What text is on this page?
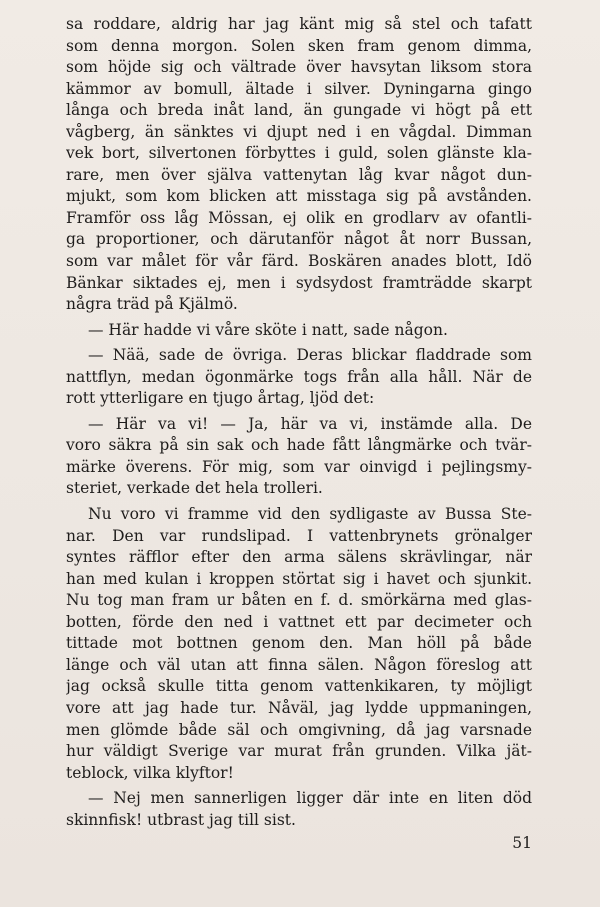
sa roddare, aldrig har jag känt mig så stel och tafatt
som denna morgon. Solen sken fram genom dimma,
som höjde sig och vältrade över havsytan liksom stora
kämmor av bomull, ältade i silver. Dyningarna gingo
långa och breda inåt land, än gungade vi högt på ett
vågberg, än sänktes vi djupt ned i en vågdal. Dimman
vek bort, silvertonen förbyttes i guld, solen glänste kla-
rare, men över själva vattenytan låg kvar något dun-
mjukt, som kom blicken att misstaga sig på avstånden.
Framför oss låg Mössan, ej olik en grodlarv av ofantli-
ga proportioner, och därutanför något åt norr Bussan,
som var målet för vår färd. Boskären anades blott, Idö
Bänkar siktades ej, men i sydsydost framträdde skarpt
några träd på Kjälmö.
— Här hadde vi våre sköte i natt, sade någon.
— Nää, sade de övriga. Deras blickar fladdrade som
nattflyn, medan ögonmärke togs från alla håll. När de
rott ytterligare en tjugo årtag, ljöd det:
— Här va vi! — Ja, här va vi, instämde alla. De
voro säkra på sin sak och hade fått långmärke och tvär-
märke överens. För mig, som var oinvigd i pejlingsmy-
steriet, verkade det hela trolleri.
Nu voro vi framme vid den sydligaste av Bussa Ste-
nar. Den var rundslipad. I vattenbrynets grönalger
syntes räfflor efter den arma sälens skrävlingar, när
han med kulan i kroppen störtat sig i havet och sjunkit.
Nu tog man fram ur båten en f. d. smörkärna med glas-
botten, förde den ned i vattnet ett par decimeter och
tittade mot bottnen genom den. Man höll på både
länge och väl utan att finna sälen. Någon föreslog att
jag också skulle titta genom vattenkikaren, ty möjligt
vore att jag hade tur. Nåväl, jag lydde uppmaningen,
men glömde både säl och omgivning, då jag varsnade
hur väldigt Sverige var murat från grunden. Vilka jät-
teblock, vilka klyftor!
— Nej men sannerligen ligger där inte en liten död
skinnfisk! utbrast jag till sist.
51
